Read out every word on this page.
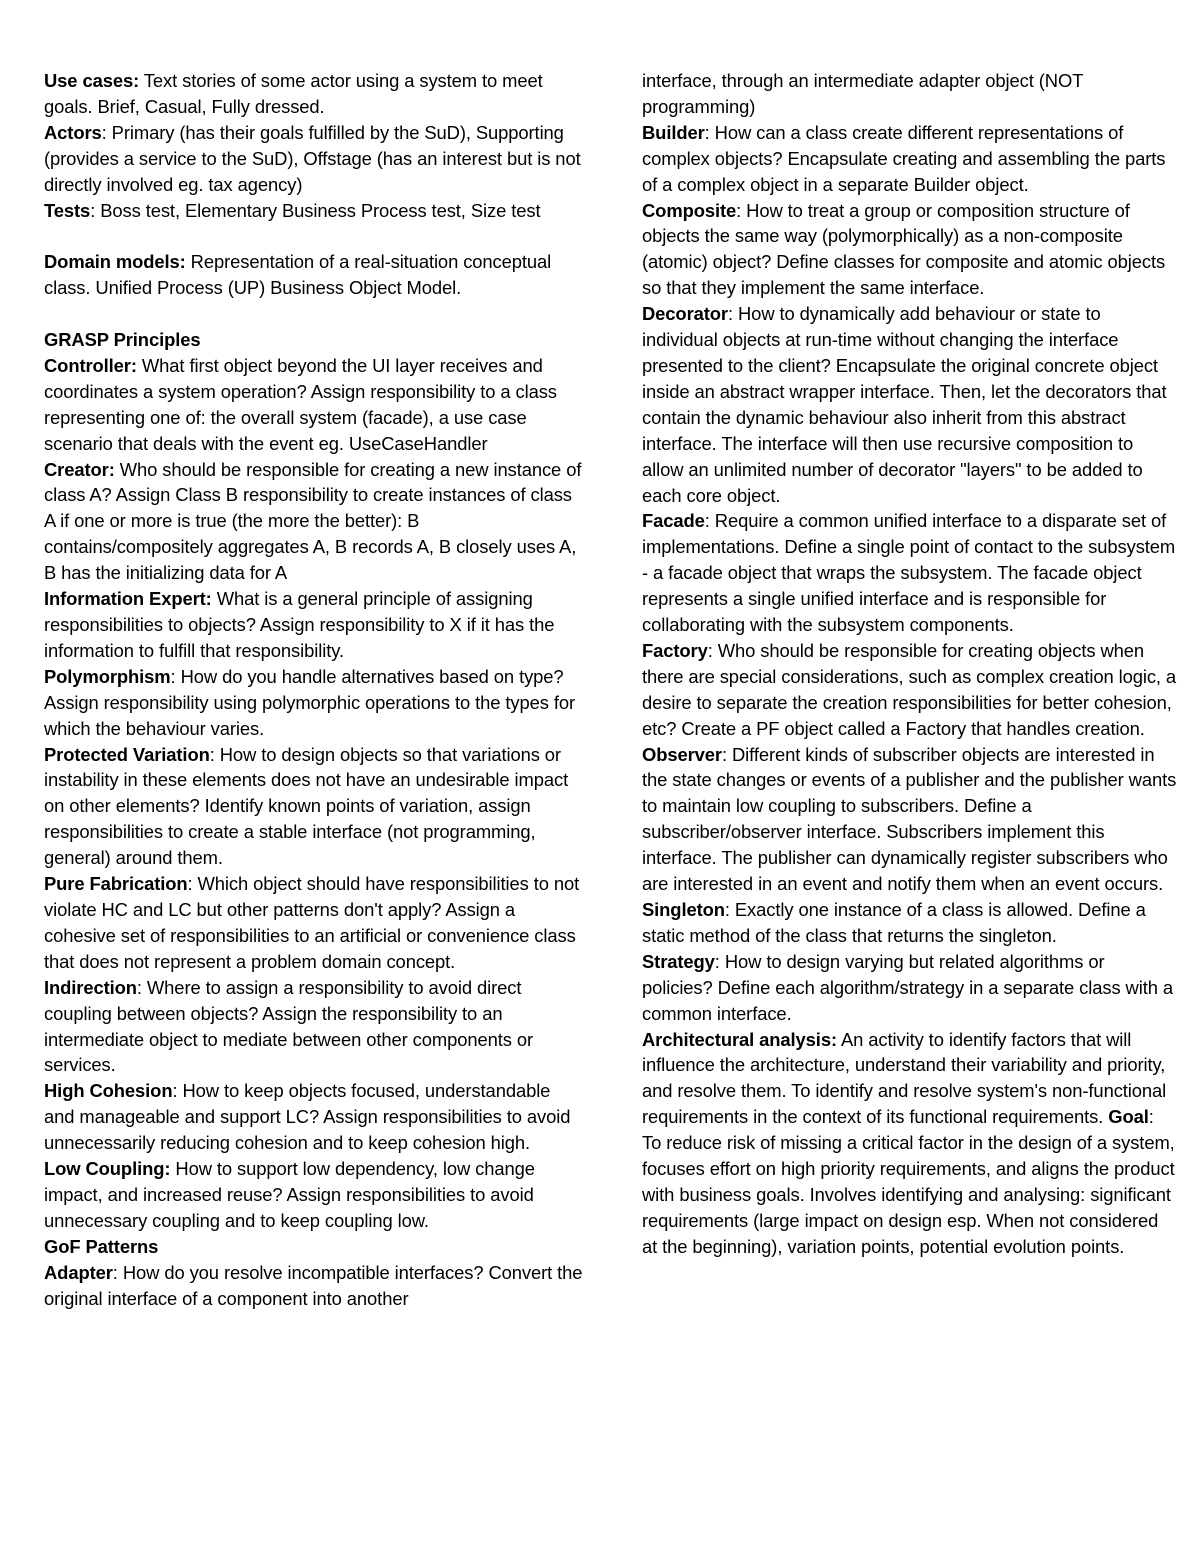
Use cases: Text stories of some actor using a system to meet goals. Brief, Casual, Fully dressed.

Actors: Primary (has their goals fulfilled by the SuD), Supporting (provides a service to the SuD), Offstage (has an interest but is not directly involved eg. tax agency)

Tests: Boss test, Elementary Business Process test, Size test

Domain models: Representation of a real-situation conceptual class. Unified Process (UP) Business Object Model.

GRASP Principles

Controller: What first object beyond the UI layer receives and coordinates a system operation? Assign responsibility to a class representing one of: the overall system (facade), a use case scenario that deals with the event eg. UseCaseHandler

Creator: Who should be responsible for creating a new instance of class A? Assign Class B responsibility to create instances of class A if one or more is true (the more the better): B contains/compositely aggregates A, B records A, B closely uses A, B has the initializing data for A

Information Expert: What is a general principle of assigning responsibilities to objects? Assign responsibility to X if it has the information to fulfill that responsibility.

Polymorphism: How do you handle alternatives based on type? Assign responsibility using polymorphic operations to the types for which the behaviour varies.

Protected Variation: How to design objects so that variations or instability in these elements does not have an undesirable impact on other elements? Identify known points of variation, assign responsibilities to create a stable interface (not programming, general) around them.

Pure Fabrication: Which object should have responsibilities to not violate HC and LC but other patterns don't apply? Assign a cohesive set of responsibilities to an artificial or convenience class that does not represent a problem domain concept.

Indirection: Where to assign a responsibility to avoid direct coupling between objects? Assign the responsibility to an intermediate object to mediate between other components or services.

High Cohesion: How to keep objects focused, understandable and manageable and support LC? Assign responsibilities to avoid unnecessarily reducing cohesion and to keep cohesion high.

Low Coupling: How to support low dependency, low change impact, and increased reuse? Assign responsibilities to avoid unnecessary coupling and to keep coupling low.

GoF Patterns

Adapter: How do you resolve incompatible interfaces? Convert the original interface of a component into another

interface, through an intermediate adapter object (NOT programming)

Builder: How can a class create different representations of complex objects? Encapsulate creating and assembling the parts of a complex object in a separate Builder object.

Composite: How to treat a group or composition structure of objects the same way (polymorphically) as a non-composite (atomic) object? Define classes for composite and atomic objects so that they implement the same interface.

Decorator: How to dynamically add behaviour or state to individual objects at run-time without changing the interface presented to the client? Encapsulate the original concrete object inside an abstract wrapper interface. Then, let the decorators that contain the dynamic behaviour also inherit from this abstract interface. The interface will then use recursive composition to allow an unlimited number of decorator "layers" to be added to each core object.

Facade: Require a common unified interface to a disparate set of implementations. Define a single point of contact to the subsystem - a facade object that wraps the subsystem. The facade object represents a single unified interface and is responsible for collaborating with the subsystem components.

Factory: Who should be responsible for creating objects when there are special considerations, such as complex creation logic, a desire to separate the creation responsibilities for better cohesion, etc? Create a PF object called a Factory that handles creation.

Observer: Different kinds of subscriber objects are interested in the state changes or events of a publisher and the publisher wants to maintain low coupling to subscribers. Define a subscriber/observer interface. Subscribers implement this interface. The publisher can dynamically register subscribers who are interested in an event and notify them when an event occurs.

Singleton: Exactly one instance of a class is allowed. Define a static method of the class that returns the singleton.

Strategy: How to design varying but related algorithms or policies? Define each algorithm/strategy in a separate class with a common interface.

Architectural analysis: An activity to identify factors that will influence the architecture, understand their variability and priority, and resolve them. To identify and resolve system's non-functional requirements in the context of its functional requirements. Goal: To reduce risk of missing a critical factor in the design of a system, focuses effort on high priority requirements, and aligns the product with business goals. Involves identifying and analysing: significant requirements (large impact on design esp. When not considered at the beginning), variation points, potential evolution points.
